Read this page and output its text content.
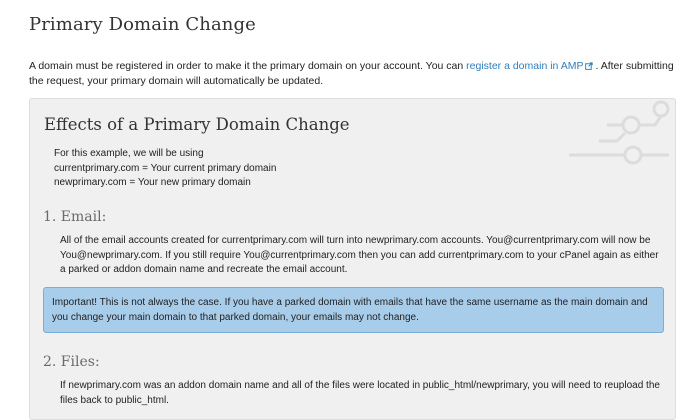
Primary Domain Change
A domain must be registered in order to make it the primary domain on your account. You can register a domain in AMP . After submitting the request, your primary domain will automatically be updated.
Effects of a Primary Domain Change
For this example, we will be using
currentprimary.com = Your current primary domain
newprimary.com = Your new primary domain
1. Email:
All of the email accounts created for currentprimary.com will turn into newprimary.com accounts. You@currentprimary.com will now be You@newprimary.com. If you still require You@currentprimary.com then you can add currentprimary.com to your cPanel again as either a parked or addon domain name and recreate the email account.
Important! This is not always the case. If you have a parked domain with emails that have the same username as the main domain and you change your main domain to that parked domain, your emails may not change.
2. Files:
If newprimary.com was an addon domain name and all of the files were located in public_html/newprimary, you will need to reupload the files back to public_html.
